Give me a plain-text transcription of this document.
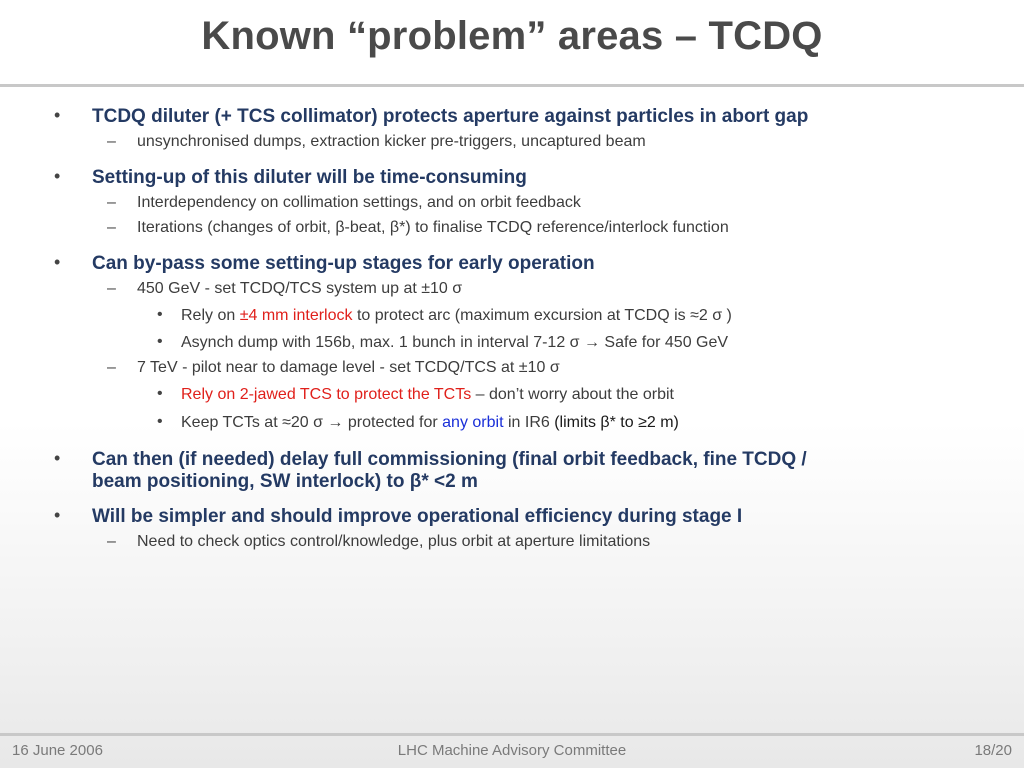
Known “problem” areas – TCDQ
• TCDQ diluter (+ TCS collimator) protects aperture against particles in abort gap
– unsynchronised dumps, extraction kicker pre-triggers, uncaptured beam
• Setting-up of this diluter will be time-consuming
– Interdependency on collimation settings, and on orbit feedback
– Iterations (changes of orbit, β-beat, β*) to finalise TCDQ reference/interlock function
• Can by-pass some setting-up stages for early operation
– 450 GeV - set TCDQ/TCS system up at ±10 σ
• Rely on ±4 mm interlock to protect arc (maximum excursion at TCDQ is ≈2 σ )
• Asynch dump with 156b, max. 1 bunch in interval 7-12 σ → Safe for 450 GeV
– 7 TeV - pilot near to damage level - set TCDQ/TCS at ±10 σ
• Rely on 2-jawed TCS to protect the TCTs – don’t worry about the orbit
• Keep TCTs at ≈20 σ → protected for any orbit in IR6 (limits β* to ≥2 m)
• Can then (if needed) delay full commissioning (final orbit feedback, fine TCDQ /
beam positioning, SW interlock) to β* <2 m
• Will be simpler and should improve operational efficiency during stage I
– Need to check optics control/knowledge, plus orbit at aperture limitations
16 June 2006	LHC Machine Advisory Committee	18/20
